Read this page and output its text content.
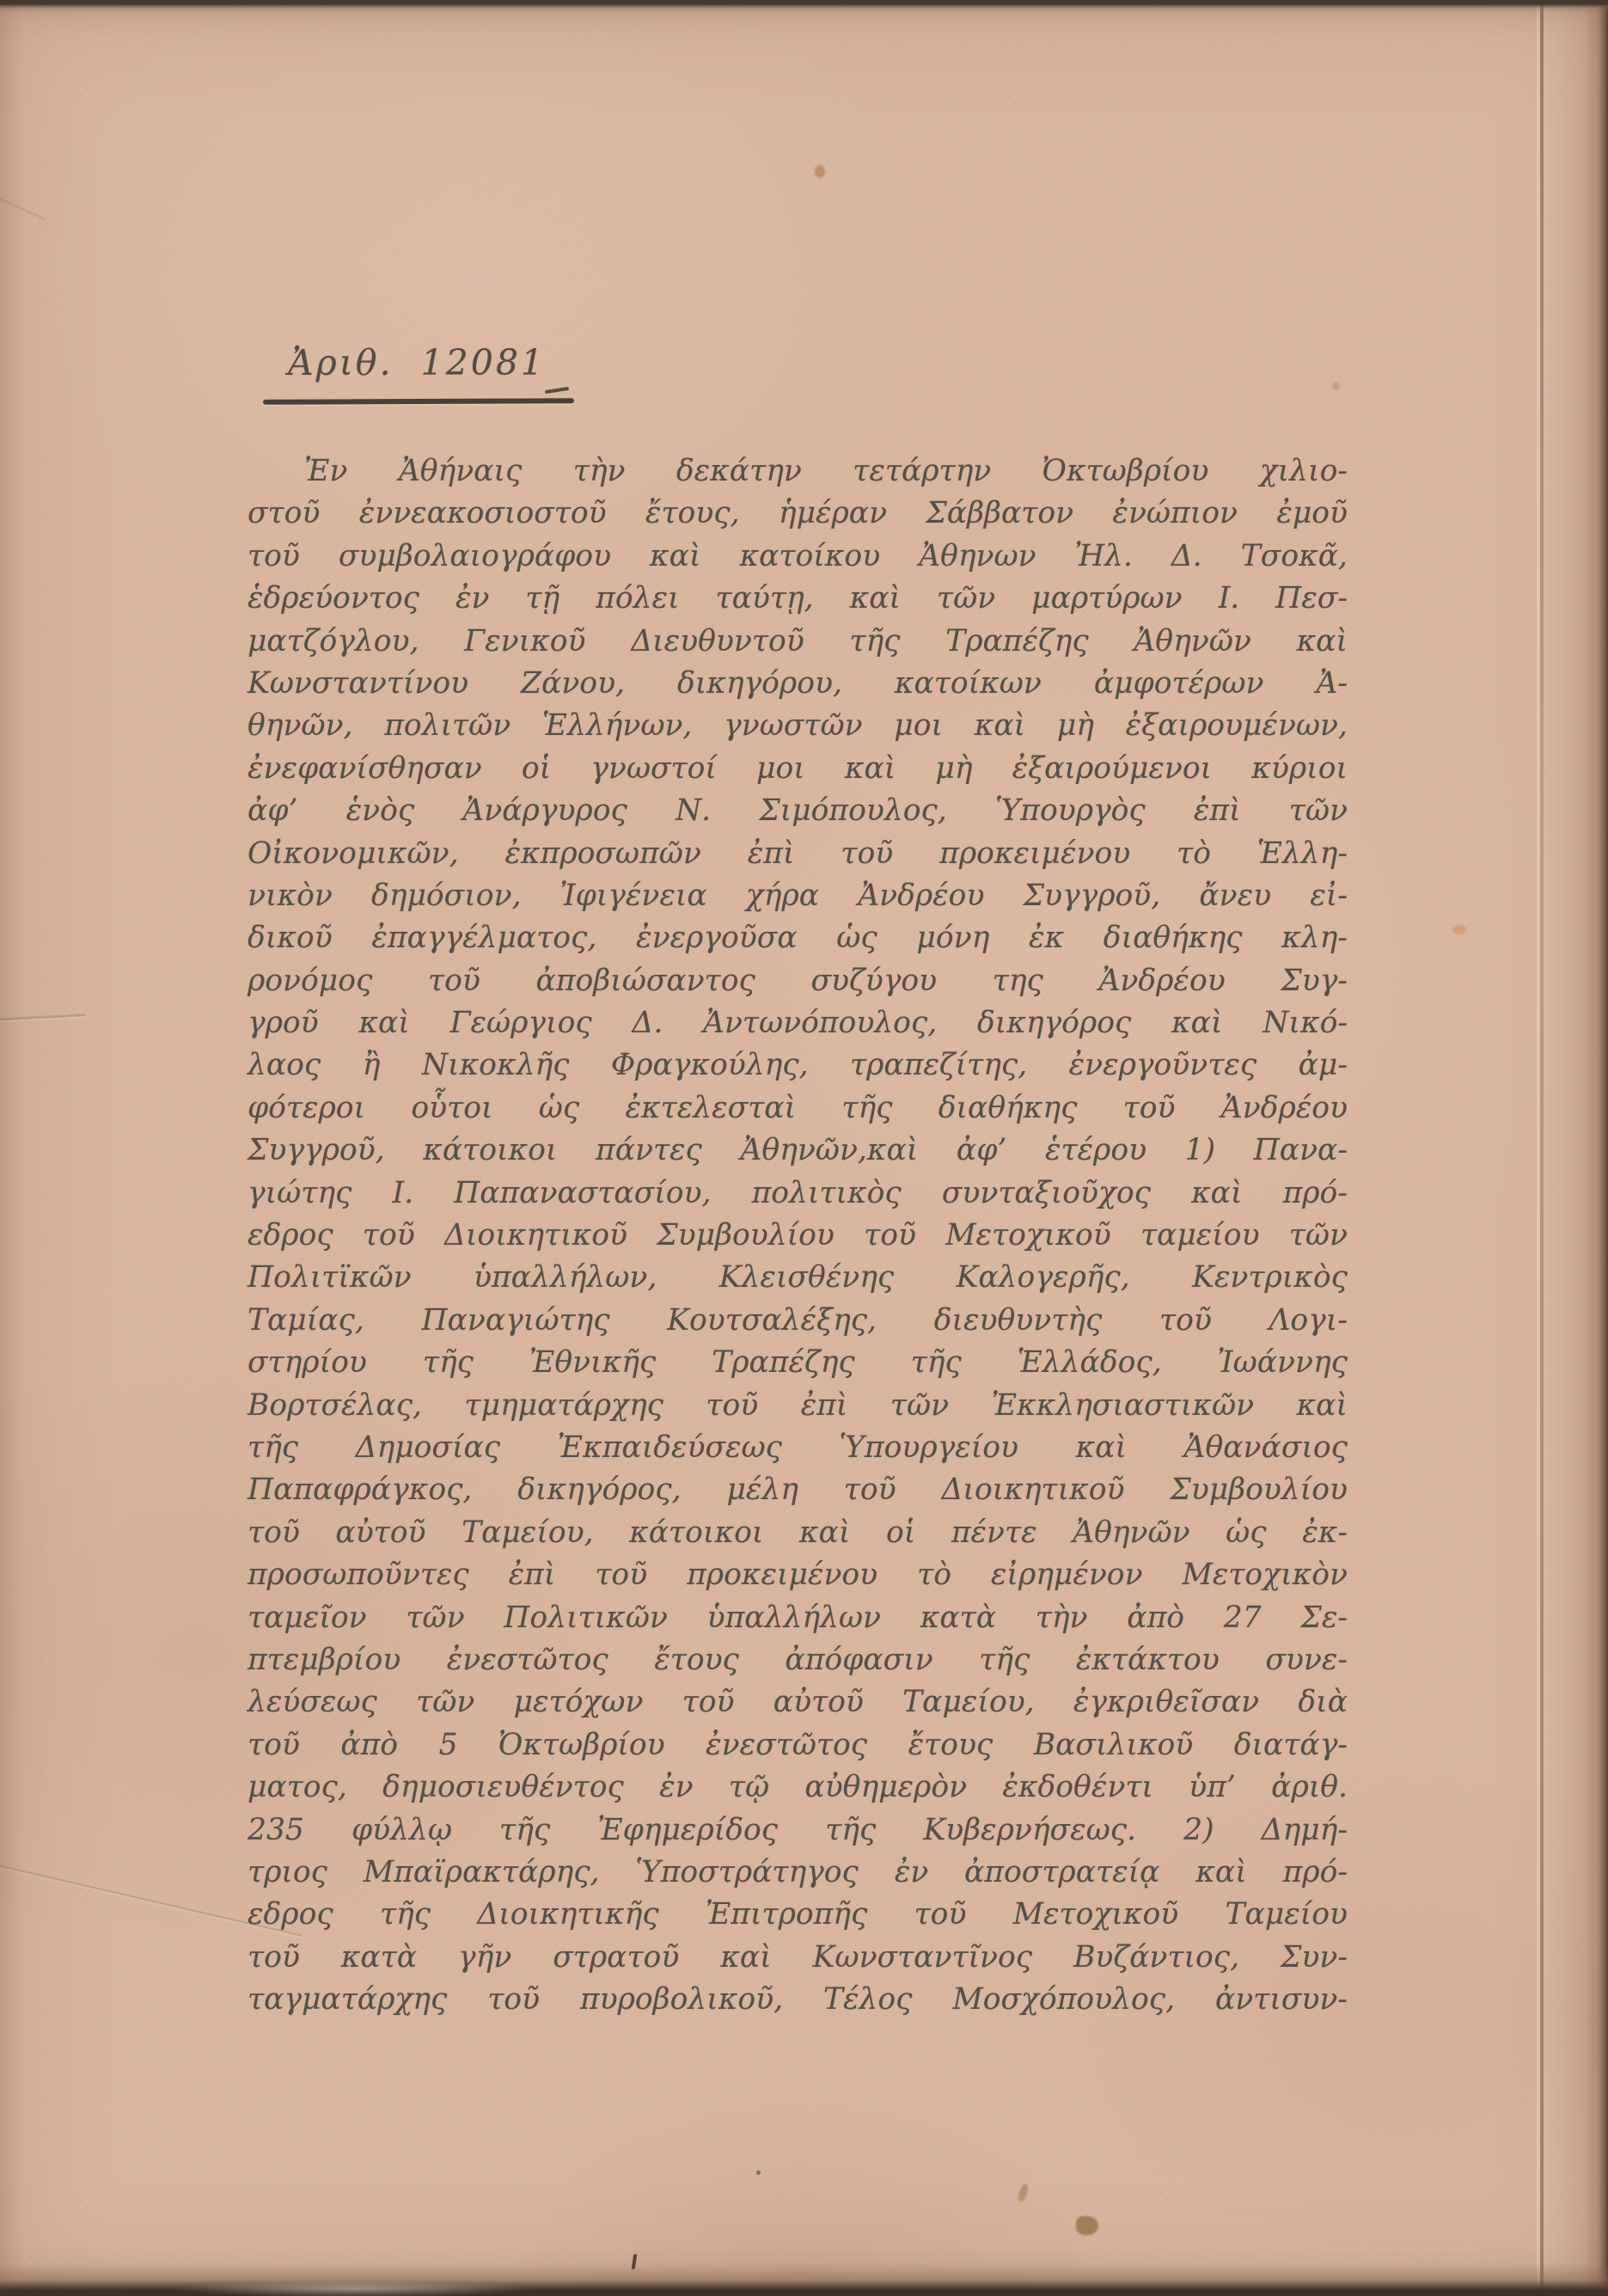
Ἀριθ.  12081
Ἐν Ἀθήναις τὴν δεκάτην τετάρτην Ὀκτωβρίου χιλιο-
στοῦ ἐννεακοσιοστοῦ ἔτους, ἡμέραν Σάββατον ἐνώπιον ἐμοῦ
τοῦ συμβολαιογράφου καὶ κατοίκου Ἀθηνων Ἠλ. Δ. Τσοκᾶ,
ἑδρεύοντος ἐν τῇ πόλει ταύτῃ, καὶ τῶν μαρτύρων Ι. Πεσ-
ματζόγλου, Γενικοῦ Διευθυντοῦ τῆς Τραπέζης Ἀθηνῶν καὶ
Κωνσταντίνου Ζάνου, δικηγόρου, κατοίκων ἀμφοτέρων Ἀ-
θηνῶν, πολιτῶν Ἑλλήνων, γνωστῶν μοι καὶ μὴ ἐξαιρουμένων,
ἐνεφανίσθησαν οἱ γνωστοί μοι καὶ μὴ ἐξαιρούμενοι κύριοι
ἀφ’ ἑνὸς Ἀνάργυρος Ν. Σιμόπουλος, Ὑπουργὸς ἐπὶ τῶν
Οἰκονομικῶν, ἐκπροσωπῶν ἐπὶ τοῦ προκειμένου τὸ Ἑλλη-
νικὸν δημόσιον, Ἰφιγένεια χήρα Ἀνδρέου Συγγροῦ, ἄνευ εἰ-
δικοῦ ἐπαγγέλματος, ἐνεργοῦσα ὡς μόνη ἐκ διαθήκης κλη-
ρονόμος τοῦ ἀποβιώσαντος συζύγου της Ἀνδρέου Συγ-
γροῦ καὶ Γεώργιος Δ. Ἀντωνόπουλος, δικηγόρος καὶ Νικό-
λαος ἢ Νικοκλῆς Φραγκούλης, τραπεζίτης, ἐνεργοῦντες ἀμ-
φότεροι οὗτοι ὡς ἐκτελεσταὶ τῆς διαθήκης τοῦ Ἀνδρέου
Συγγροῦ, κάτοικοι πάντες Ἀθηνῶν,καὶ ἀφ’ ἑτέρου 1) Πανα-
γιώτης Ι. Παπαναστασίου, πολιτικὸς συνταξιοῦχος καὶ πρό-
εδρος τοῦ Διοικητικοῦ Συμβουλίου τοῦ Μετοχικοῦ ταμείου τῶν
Πολιτϊκῶν ὑπαλλήλων, Κλεισθένης Καλογερῆς, Κεντρικὸς
Ταμίας, Παναγιώτης Κουτσαλέξης, διευθυντὴς τοῦ Λογι-
στηρίου τῆς Ἐθνικῆς Τραπέζης τῆς Ἑλλάδος, Ἰωάννης
Βορτσέλας, τμηματάρχης τοῦ ἐπὶ τῶν Ἐκκλησιαστικῶν καὶ
τῆς Δημοσίας Ἐκπαιδεύσεως Ὑπουργείου καὶ Ἀθανάσιος
Παπαφράγκος, δικηγόρος, μέλη τοῦ Διοικητικοῦ Συμβουλίου
τοῦ αὐτοῦ Ταμείου, κάτοικοι καὶ οἱ πέντε Ἀθηνῶν ὡς ἐκ-
προσωποῦντες ἐπὶ τοῦ προκειμένου τὸ εἰρημένον Μετοχικὸν
ταμεῖον τῶν Πολιτικῶν ὑπαλλήλων κατὰ τὴν ἀπὸ 27 Σε-
πτεμβρίου ἐνεστῶτος ἔτους ἀπόφασιν τῆς ἐκτάκτου συνε-
λεύσεως τῶν μετόχων τοῦ αὐτοῦ Ταμείου, ἐγκριθεῖσαν διὰ
τοῦ ἀπὸ 5 Ὀκτωβρίου ἐνεστῶτος ἔτους Βασιλικοῦ διατάγ-
ματος, δημοσιευθέντος ἐν τῷ αὐθημερὸν ἐκδοθέντι ὑπ’ ἀριθ.
235 φύλλῳ τῆς Ἐφημερίδος τῆς Κυβερνήσεως. 2) Δημή-
τριος Μπαϊρακτάρης, Ὑποστράτηγος ἐν ἀποστρατείᾳ καὶ πρό-
εδρος τῆς Διοικητικῆς Ἐπιτροπῆς τοῦ Μετοχικοῦ Ταμείου
τοῦ κατὰ γῆν στρατοῦ καὶ Κωνσταντῖνος Βυζάντιος, Συν-
ταγματάρχης τοῦ πυροβολικοῦ, Τέλος Μοσχόπουλος, ἀντισυν-
